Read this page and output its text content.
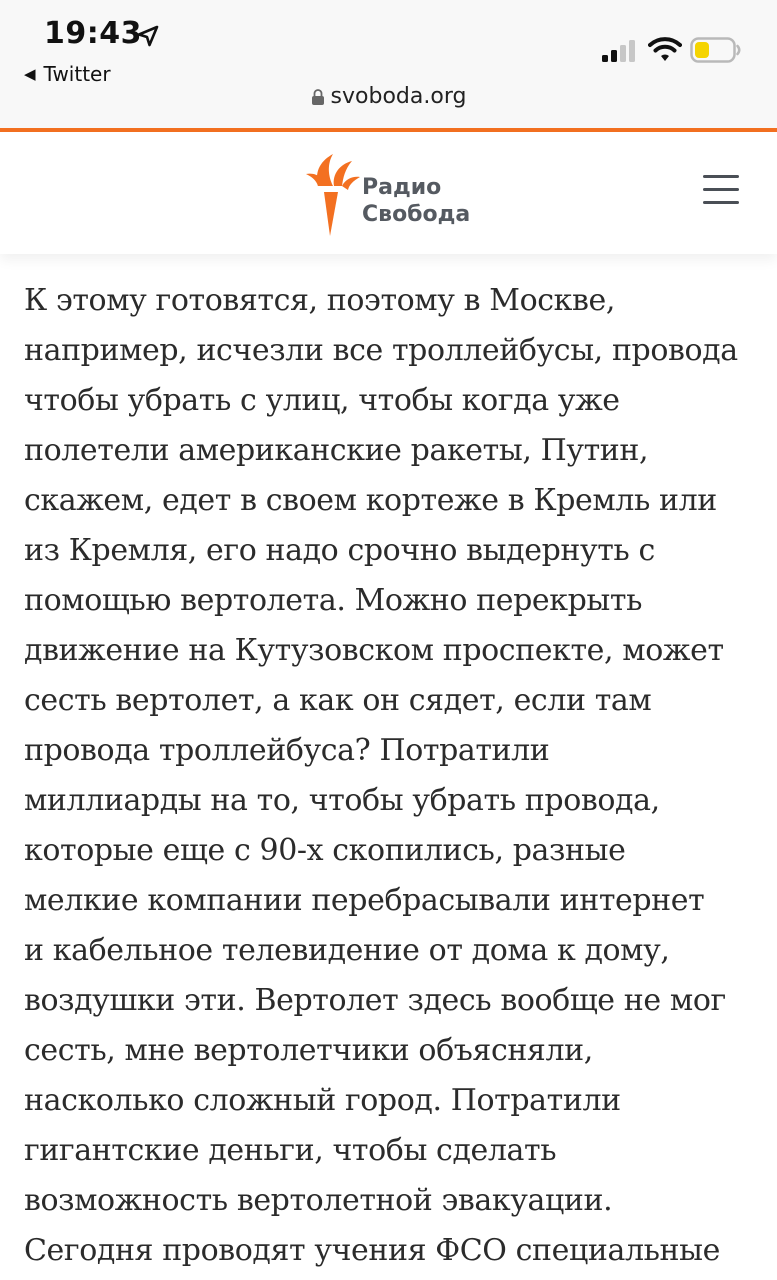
19:43
◀ Twitter
svoboda.org
Радио
Свобода
К этому готовятся, поэтому в Москве,
например, исчезли все троллейбусы, провода
чтобы убрать с улиц, чтобы когда уже
полетели американские ракеты, Путин,
скажем, едет в своем кортеже в Кремль или
из Кремля, его надо срочно выдернуть с
помощью вертолета. Можно перекрыть
движение на Кутузовском проспекте, может
сесть вертолет, а как он сядет, если там
провода троллейбуса? Потратили
миллиарды на то, чтобы убрать провода,
которые еще с 90-х скопились, разные
мелкие компании перебрасывали интернет
и кабельное телевидение от дома к дому,
воздушки эти. Вертолет здесь вообще не мог
сесть, мне вертолетчики объясняли,
насколько сложный город. Потратили
гигантские деньги, чтобы сделать
возможность вертолетной эвакуации.
Сегодня проводят учения ФСО специальные
